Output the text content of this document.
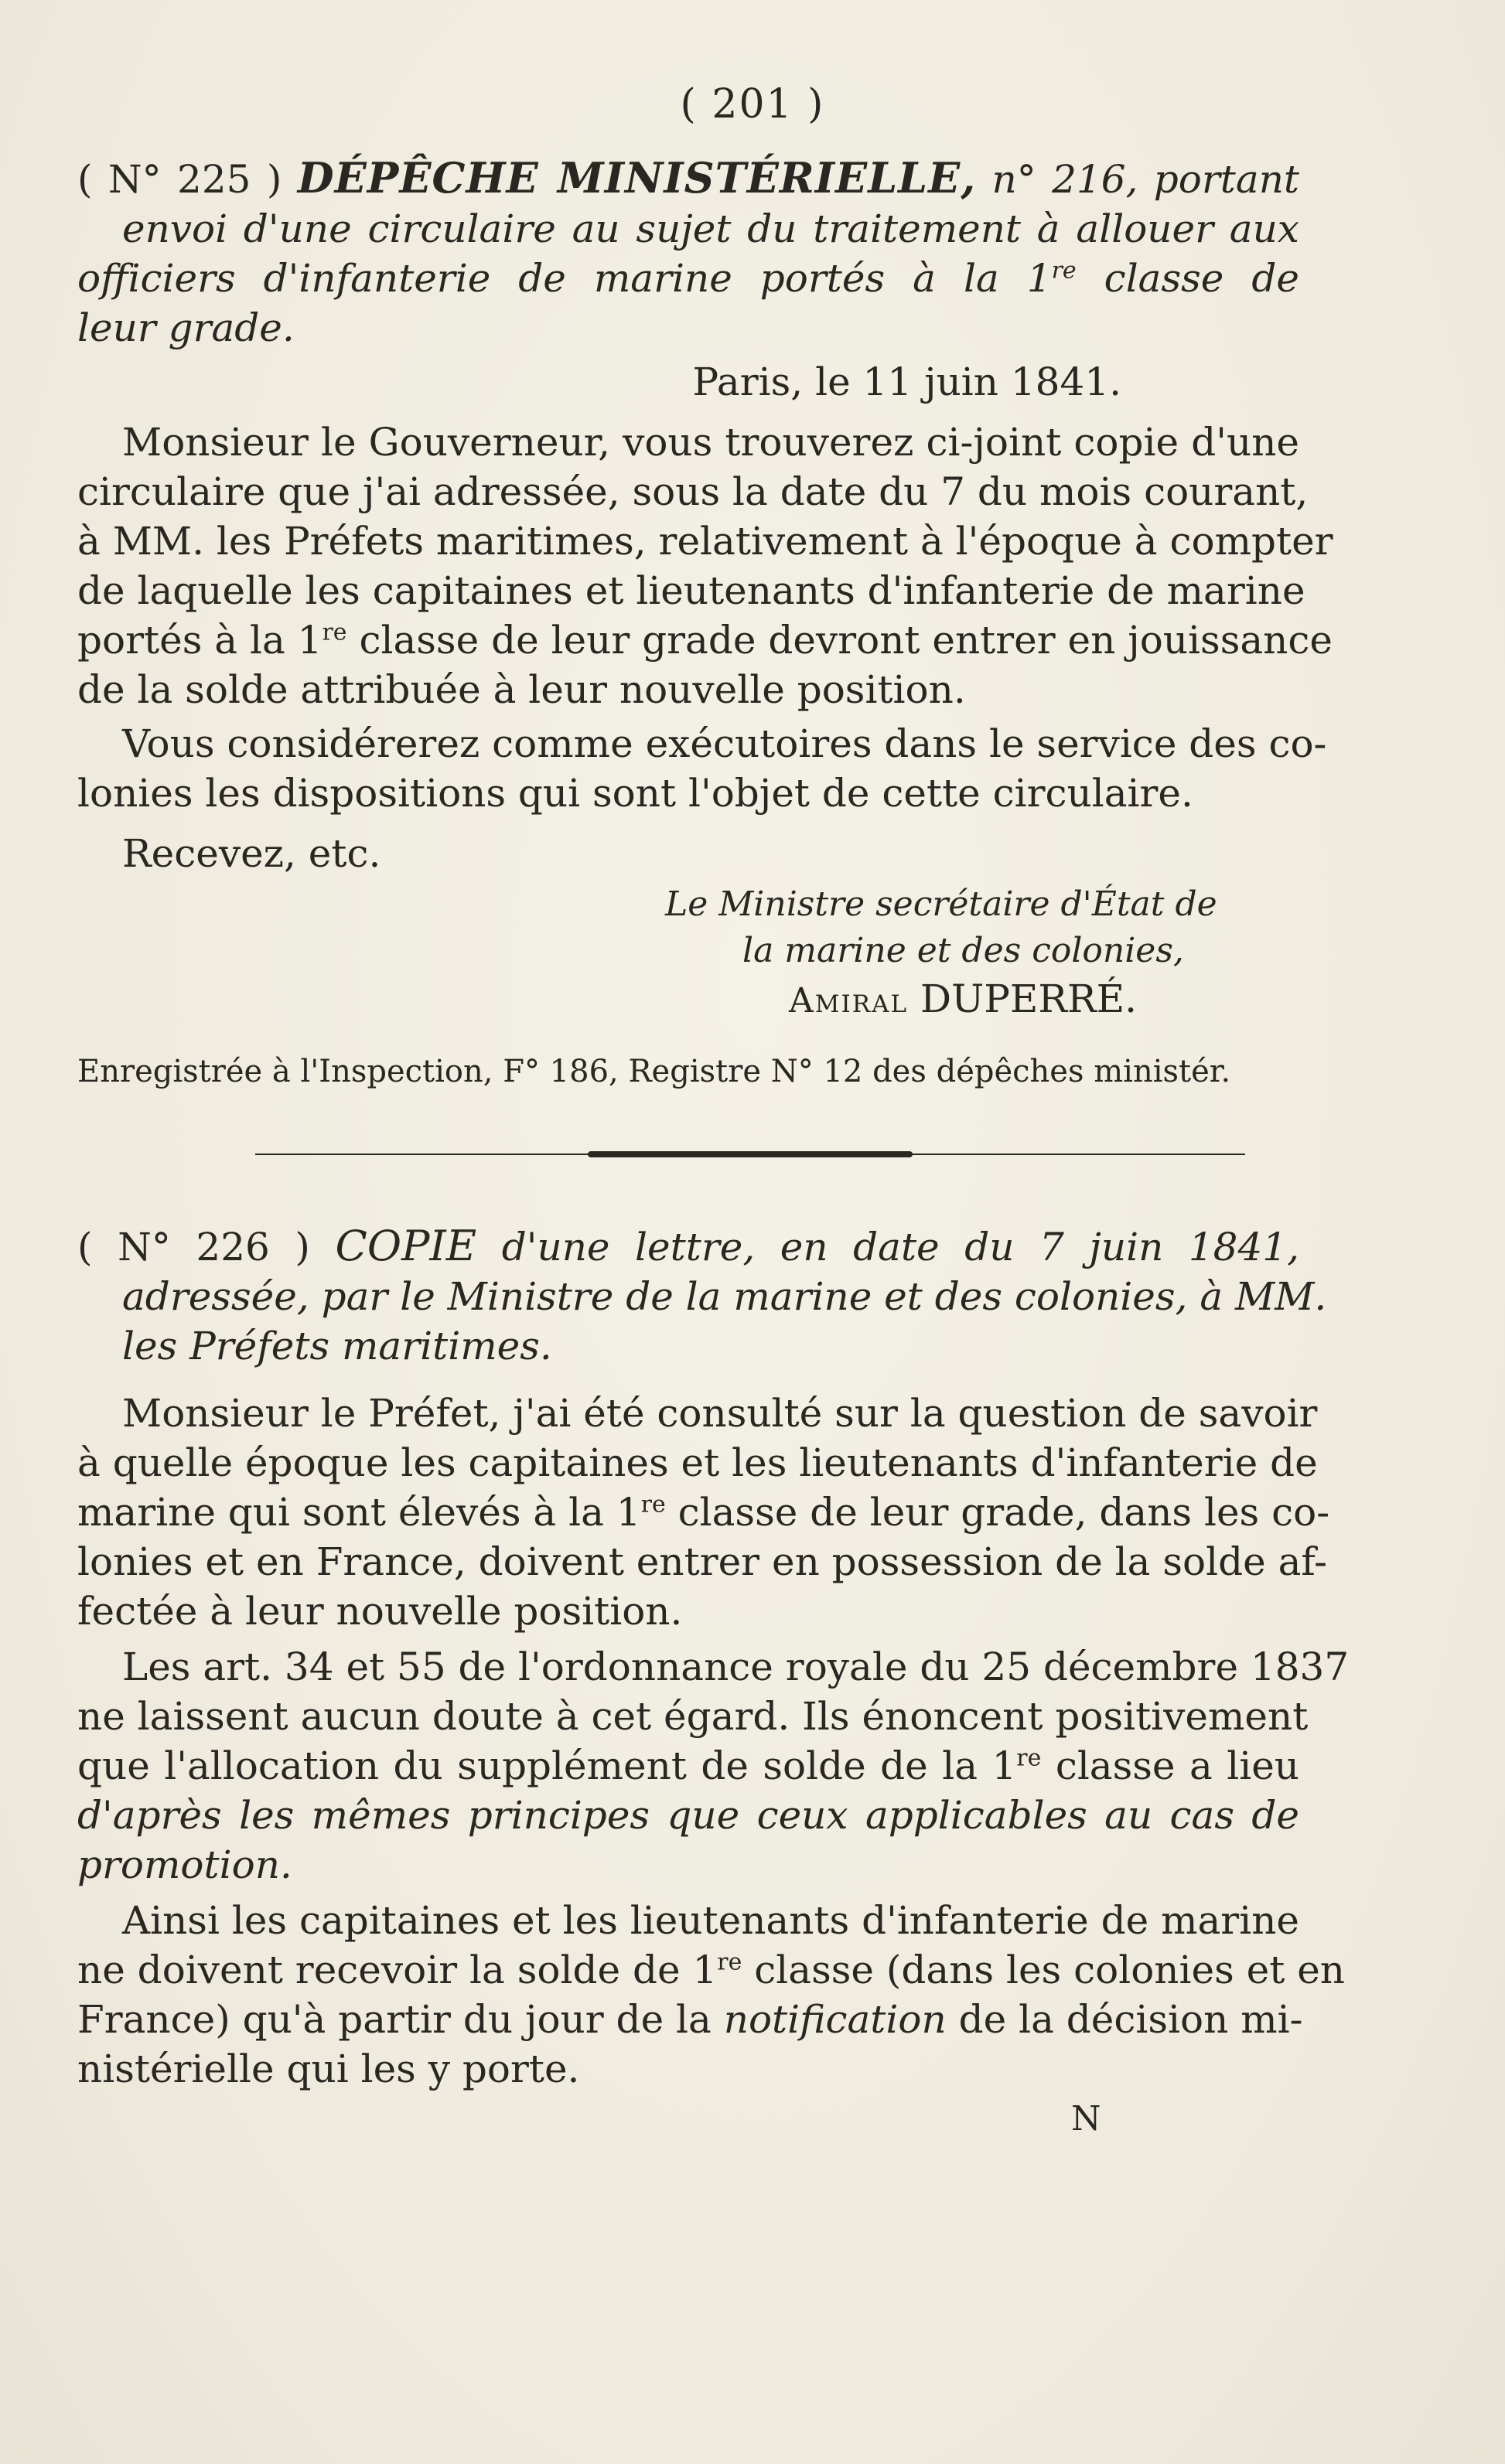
( 201 )
( N° 225 ) DÉPÊCHE MINISTÉRIELLE, n° 216, portant
envoi d'une circulaire au sujet du traitement à allouer aux
officiers d'infanterie de marine portés à la 1re classe de
leur grade.
Paris, le 11 juin 1841.
Monsieur le Gouverneur, vous trouverez ci-joint copie d'une
circulaire que j'ai adressée, sous la date du 7 du mois courant,
à MM. les Préfets maritimes, relativement à l'époque à compter
de laquelle les capitaines et lieutenants d'infanterie de marine
portés à la 1re classe de leur grade devront entrer en jouissance
de la solde attribuée à leur nouvelle position.
Vous considérerez comme exécutoires dans le service des co-
lonies les dispositions qui sont l'objet de cette circulaire.
Recevez, etc.
Le Ministre secrétaire d'État de
la marine et des colonies,
Amiral DUPERRÉ.
Enregistrée à l'Inspection, F° 186, Registre N° 12 des dépêches ministér.
( N° 226 ) COPIE d'une lettre, en date du 7 juin 1841,
adressée, par le Ministre de la marine et des colonies, à MM.
les Préfets maritimes.
Monsieur le Préfet, j'ai été consulté sur la question de savoir
à quelle époque les capitaines et les lieutenants d'infanterie de
marine qui sont élevés à la 1re classe de leur grade, dans les co-
lonies et en France, doivent entrer en possession de la solde af-
fectée à leur nouvelle position.
Les art. 34 et 55 de l'ordonnance royale du 25 décembre 1837
ne laissent aucun doute à cet égard. Ils énoncent positivement
que l'allocation du supplément de solde de la 1re classe a lieu
d'après les mêmes principes que ceux applicables au cas de
promotion.
Ainsi les capitaines et les lieutenants d'infanterie de marine
ne doivent recevoir la solde de 1re classe (dans les colonies et en
France) qu'à partir du jour de la notification de la décision mi-
nistérielle qui les y porte.
N
